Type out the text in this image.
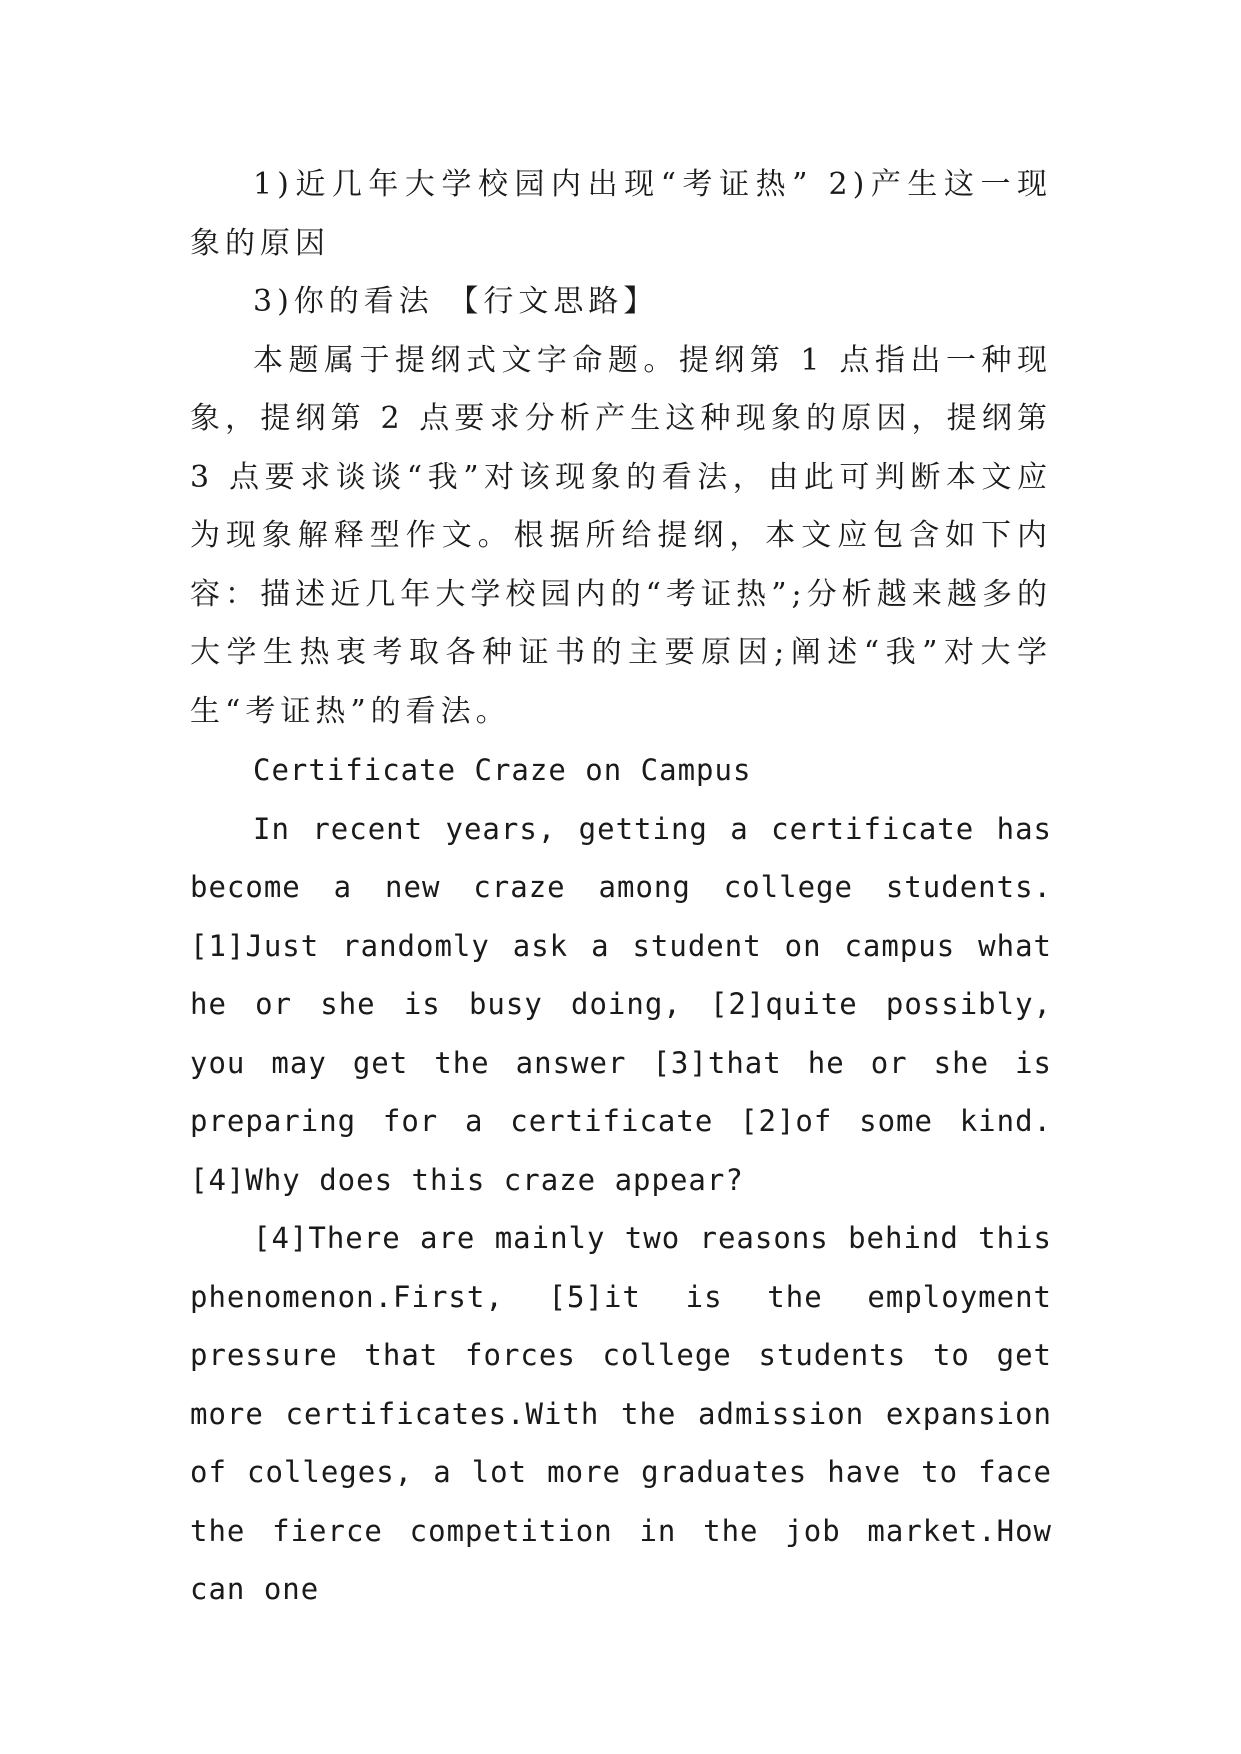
1)近几年大学校园内出现“考证热” 2)产生这一现象的原因

3)你的看法 【行文思路】

本题属于提纲式文字命题。提纲第 1 点指出一种现象，提纲第 2 点要求分析产生这种现象的原因，提纲第 3 点要求谈谈“我”对该现象的看法，由此可判断本文应为现象解释型作文。根据所给提纲，本文应包含如下内容：描述近几年大学校园内的“考证热”;分析越来越多的大学生热衷考取各种证书的主要原因;阐述“我”对大学生“考证热”的看法。

Certificate Craze on Campus

In recent years, getting a certificate has become a new craze among college students.[1]Just randomly ask a student on campus what he or she is busy doing, [2]quite possibly, you may get the answer [3]that he or she is preparing for a certificate [2]of some kind.[4]Why does this craze appear?

[4]There are mainly two reasons behind this phenomenon.First, [5]it is the employment pressure that forces college students to get more certificates.With the admission expansion of colleges, a lot more graduates have to face the fierce competition in the job market.How can one
